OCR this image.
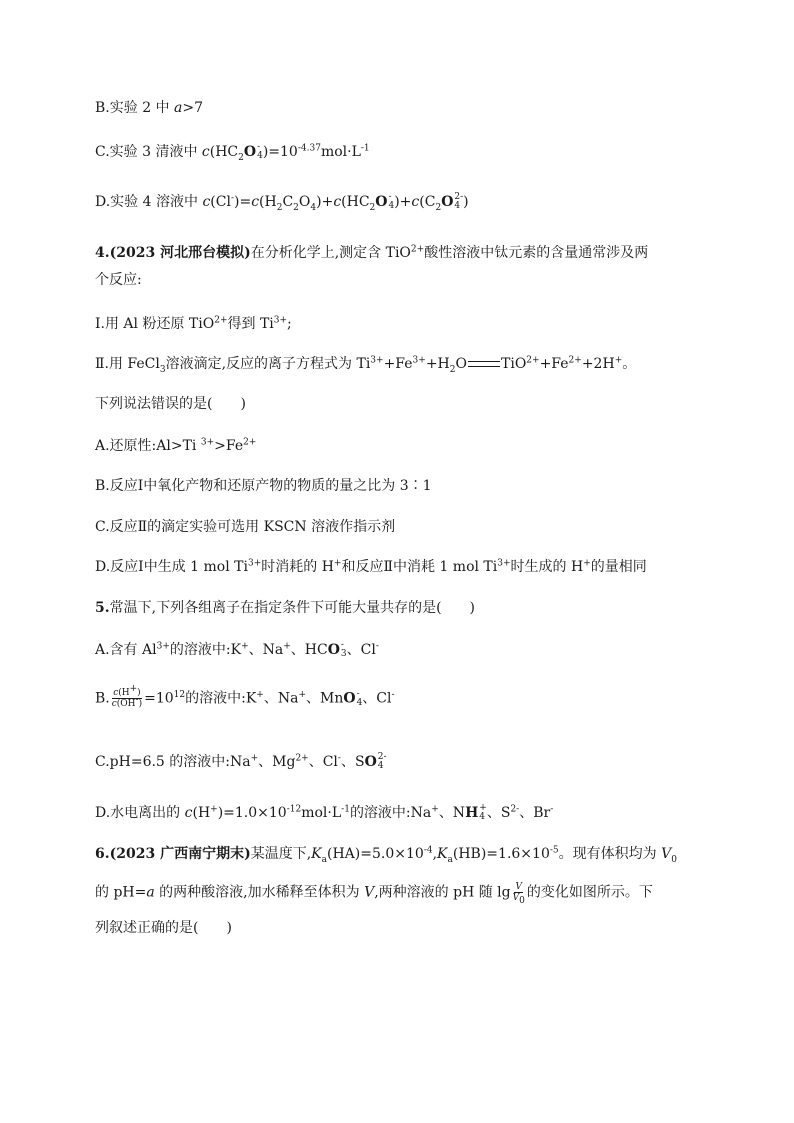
B.实验 2 中 a>7
C.实验 3 清液中 $c(HC_2O$ -
4 )$=10^{-4.37}mol\cdot L^{-1}$
D.实验 4 溶液中 $c(Cl^-)=c(H_2C_2O_4)+c(HC_2O$ -
4 )$+c(C_2O$ 2-
4 )
4.(2023 河北邢台模拟)在分析化学上,测定含 TiO$^{2+}$酸性溶液中钛元素的含量通常涉及两
个反应:
Ⅰ.用 Al 粉还原 TiO$^{2+}$得到 $Ti^{3+}$;
Ⅱ.用 FeCl$_3$溶液滴定,反应的离子方程式为 $Ti^{3+}+Fe^{3+}+H_2O$ $TiO^{2+}+Fe^{2+}+2H^+$。
下列说法错误的是(　　)
A.还原性:Al>Ti $^{3+}>Fe^{2+}$
B.反应Ⅰ中氧化产物和还原产物的物质的量之比为 3∶1
C.反应Ⅱ的滴定实验可选用 KSCN 溶液作指示剂
D.反应Ⅰ中生成 1 mol $Ti^{3+}$时消耗的 H+和反应Ⅱ中消耗 1 mol $Ti^{3+}$时生成的 H+的量相同
5.常温下,下列各组离子在指定条件下可能大量共存的是(　　)
A.含有 $Al^{3+}$的溶液中:K+、Na+、HCO -
3 、Cl-
B. $\frac{c(H^+)}{c(OH^-)} =10^{12}$的溶液中:K+、Na+、MnO -
4 、Cl-
C.pH=6.5 的溶液中:Na+、$Mg^{2+}$、Cl-、SO 2-
4
D.水电离出的 $c(H^+)=1.0\times 10^{-12}mol\cdot L^{-1}$的溶液中:Na+、NH +
4 、$S^{2-}$、Br-
6.(2023 广西南宁期末)某温度下$,K_a(HA)=5.0\times 10^{-4},K_a(HB)=1.6\times 10^{-5}$。现有体积均为 $V_0$
的 pH=a 的两种酸溶液,加水稀释至体积为 V,两种溶液的 pH 随 $\lg \frac{V}{V_0}$ 的变化如图所示。下
列叙述正确的是(　　)
